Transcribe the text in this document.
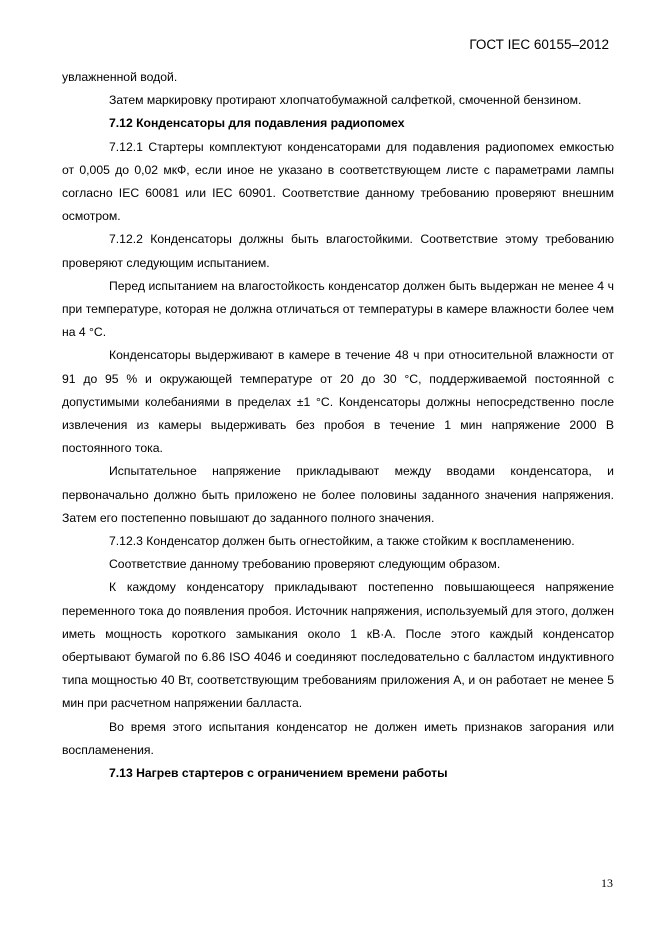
ГОСТ IEC 60155–2012

увлажненной водой.

Затем маркировку протирают хлопчатобумажной салфеткой, смоченной бензином.

7.12 Конденсаторы для подавления радиопомех

7.12.1 Стартеры комплектуют конденсаторами для подавления радиопомех емкостью от 0,005 до 0,02 мкФ, если иное не указано в соответствующем листе с параметрами лампы согласно IEC 60081 или IEC 60901. Соответствие данному требованию проверяют внешним осмотром.

7.12.2 Конденсаторы должны быть влагостойкими. Соответствие этому требованию проверяют следующим испытанием.

Перед испытанием на влагостойкость конденсатор должен быть выдержан не менее 4 ч при температуре, которая не должна отличаться от температуры в камере влажности более чем на 4 °С.

Конденсаторы выдерживают в камере в течение 48 ч при относительной влажности от 91 до 95 % и окружающей температуре от 20 до 30 °С, поддерживаемой постоянной с допустимыми колебаниями в пределах ±1 °С. Конденсаторы должны непосредственно после извлечения из камеры выдерживать без пробоя в течение 1 мин напряжение 2000 В постоянного тока.

Испытательное напряжение прикладывают между вводами конденсатора, и первоначально должно быть приложено не более половины заданного значения напряжения. Затем его постепенно повышают до заданного полного значения.

7.12.3 Конденсатор должен быть огнестойким, а также стойким к воспламенению.

Соответствие данному требованию проверяют следующим образом.

К каждому конденсатору прикладывают постепенно повышающееся напряжение переменного тока до появления пробоя. Источник напряжения, используемый для этого, должен иметь мощность короткого замыкания около 1 кВ·А. После этого каждый конденсатор обертывают бумагой по 6.86 ISO 4046 и соединяют последовательно с балластом индуктивного типа мощностью 40 Вт, соответствующим требованиям приложения А, и он работает не менее 5 мин при расчетном напряжении балласта.

Во время этого испытания конденсатор не должен иметь признаков загорания или воспламенения.

7.13 Нагрев стартеров с ограничением времени работы

13
